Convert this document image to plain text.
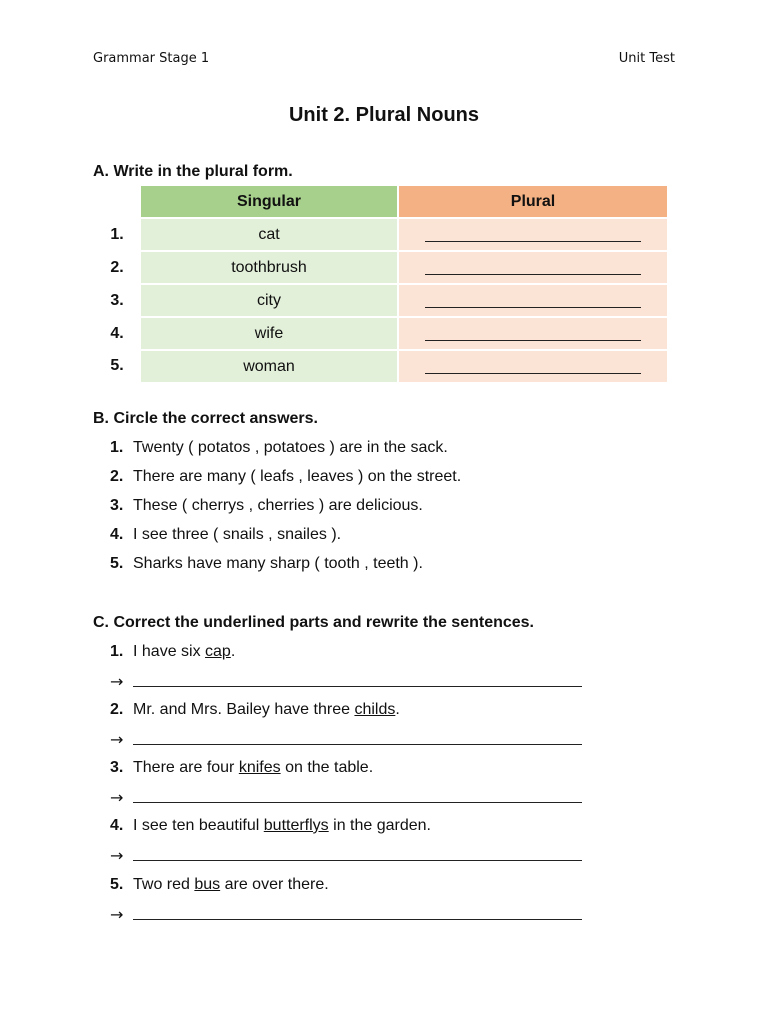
Grammar Stage 1	Unit Test
Unit 2. Plural Nouns
A. Write in the plural form.
	Singular	Plural
1.	cat	
2.	toothbrush	
3.	city	
4.	wife	
5.	woman	
B. Circle the correct answers.
1. Twenty ( potatos , potatoes ) are in the sack.
2. There are many ( leafs , leaves ) on the street.
3. These ( cherrys , cherries ) are delicious.
4. I see three ( snails , snailes ).
5. Sharks have many sharp ( tooth , teeth ).
C. Correct the underlined parts and rewrite the sentences.
1. I have six cap.
→
2. Mr. and Mrs. Bailey have three childs.
→
3. There are four knifes on the table.
→
4. I see ten beautiful butterflys in the garden.
→
5. Two red bus are over there.
→
